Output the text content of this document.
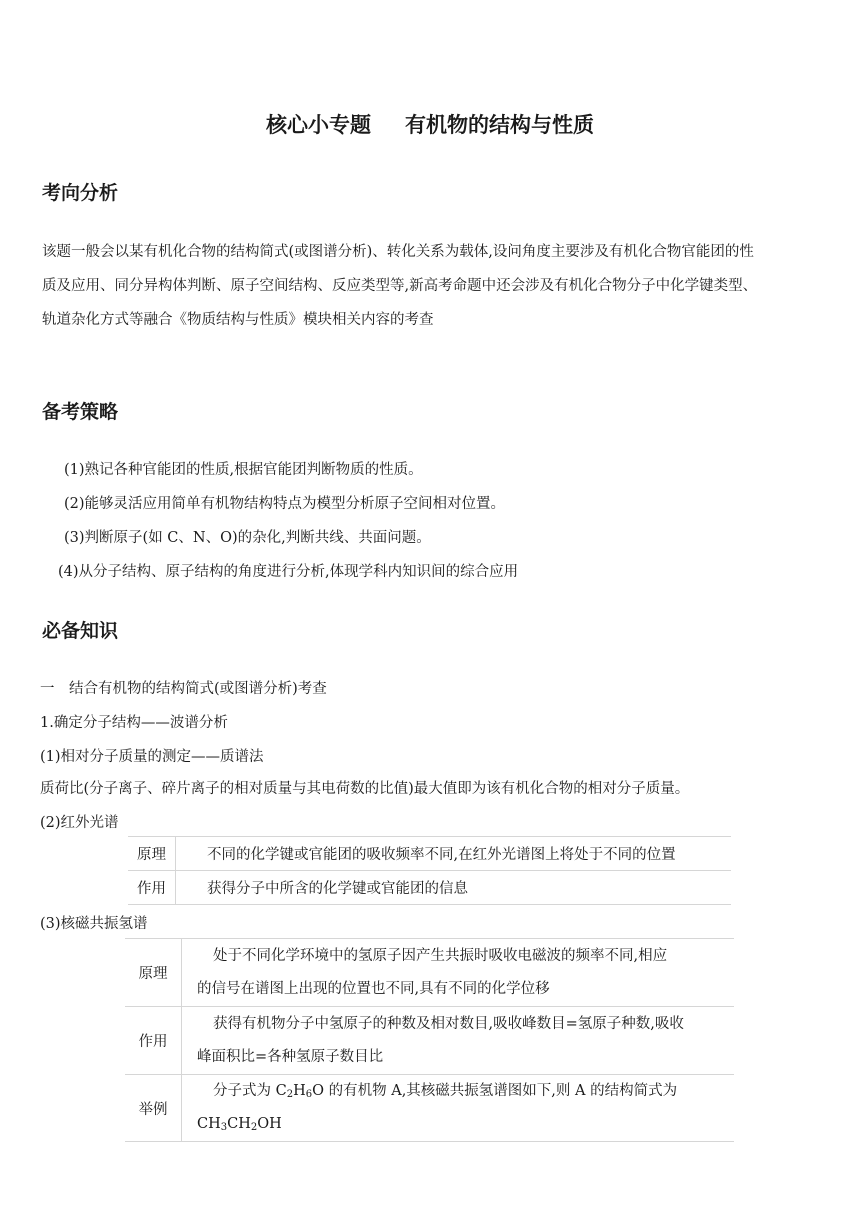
核心小专题 有机物的结构与性质
考向分析
该题一般会以某有机化合物的结构简式(或图谱分析)、转化关系为载体,设问角度主要涉及有机化合物官能团的性
质及应用、同分异构体判断、原子空间结构、反应类型等,新高考命题中还会涉及有机化合物分子中化学键类型、
轨道杂化方式等融合《物质结构与性质》模块相关内容的考查
备考策略
(1)熟记各种官能团的性质,根据官能团判断物质的性质。
(2)能够灵活应用简单有机物结构特点为模型分析原子空间相对位置。
(3)判断原子(如 C、N、O)的杂化,判断共线、共面问题。
(4)从分子结构、原子结构的角度进行分析,体现学科内知识间的综合应用
必备知识
一　结合有机物的结构简式(或图谱分析)考查
1.确定分子结构——波谱分析
(1)相对分子质量的测定——质谱法
质荷比(分子离子、碎片离子的相对质量与其电荷数的比值)最大值即为该有机化合物的相对分子质量。
(2)红外光谱
原理	不同的化学键或官能团的吸收频率不同,在红外光谱图上将处于不同的位置
作用	获得分子中所含的化学键或官能团的信息
(3)核磁共振氢谱
原理	处于不同化学环境中的氢原子因产生共振时吸收电磁波的频率不同,相应
的信号在谱图上出现的位置也不同,具有不同的化学位移

作用	获得有机物分子中氢原子的种数及相对数目,吸收峰数目=氢原子种数,吸收
峰面积比=各种氢原子数目比

举例	分子式为 $C_2H_6O$ 的有机物 A,其核磁共振氢谱图如下,则 A 的结构简式为
$CH_3CH_2OH$
